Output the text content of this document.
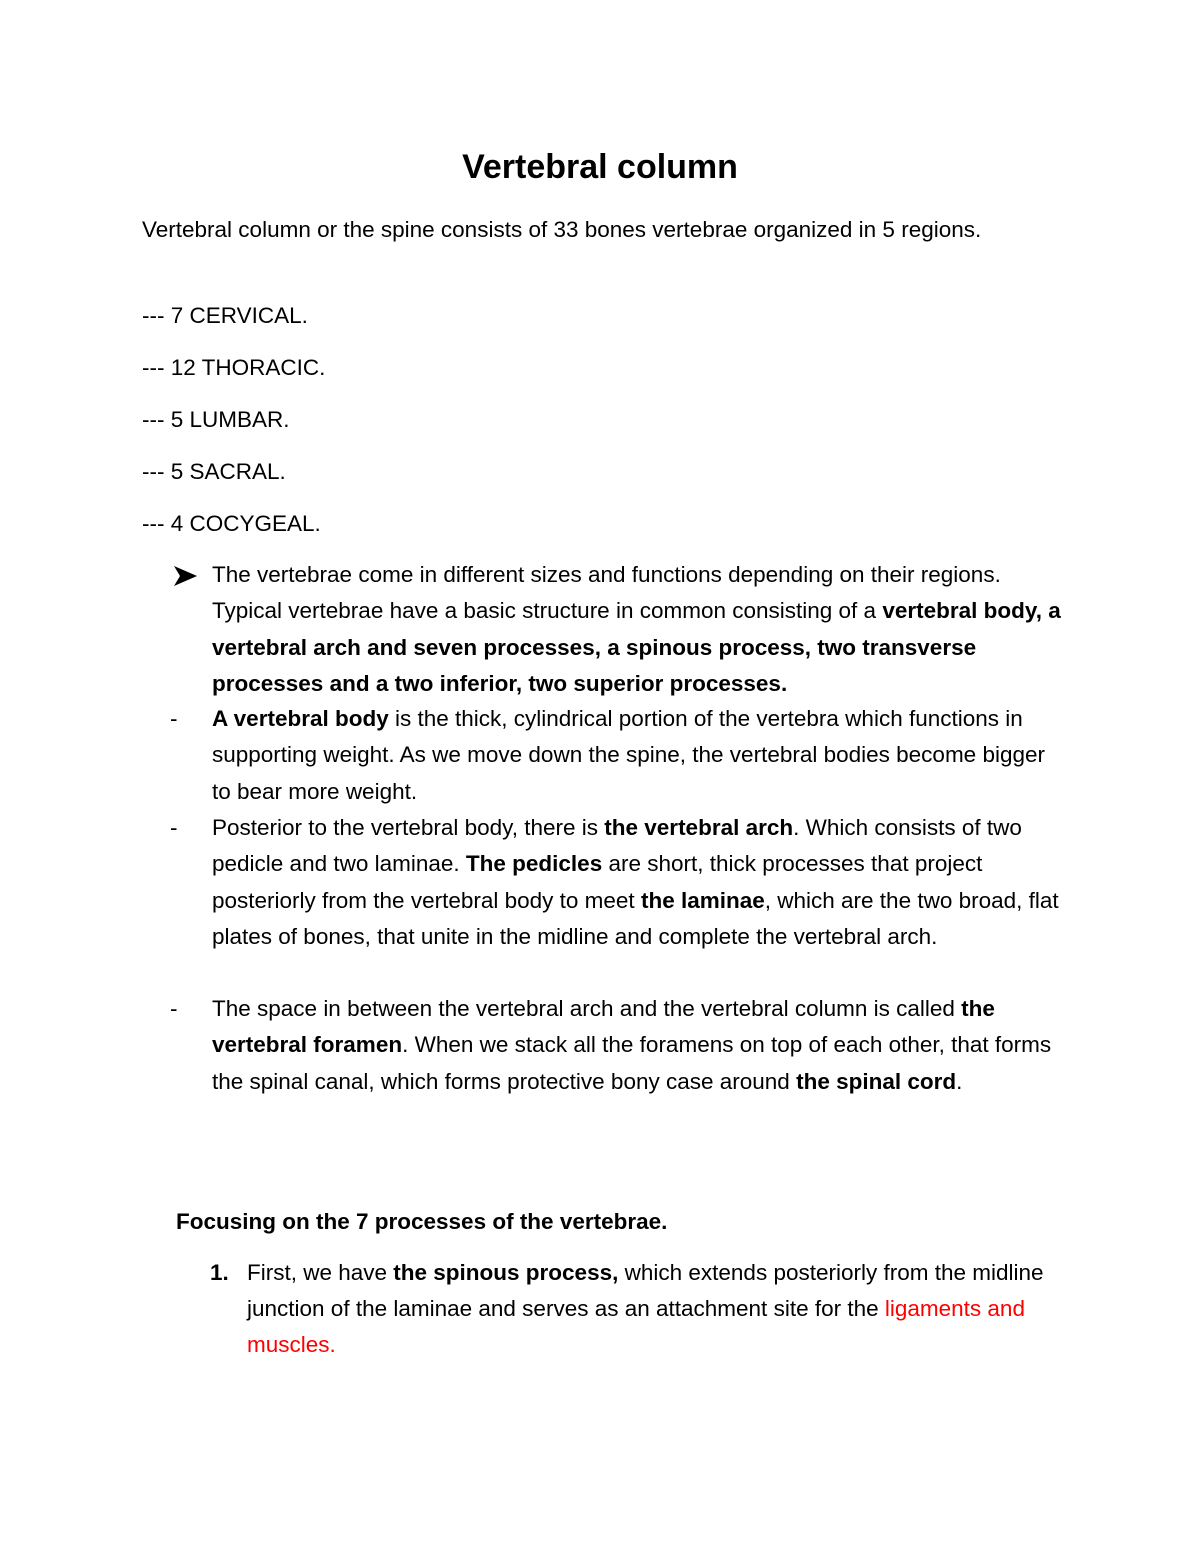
Vertebral column

Vertebral column or the spine consists of 33 bones vertebrae organized in 5 regions.

--- 7 CERVICAL.
--- 12 THORACIC.
--- 5 LUMBAR.
--- 5 SACRAL.
--- 4 COCYGEAL.
The vertebrae come in different sizes and functions depending on their regions. Typical vertebrae have a basic structure in common consisting of a vertebral body, a vertebral arch and seven processes, a spinous process, two transverse processes and a two inferior, two superior processes.
-	A vertebral body is the thick, cylindrical portion of the vertebra which functions in supporting weight. As we move down the spine, the vertebral bodies become bigger to bear more weight.
-	Posterior to the vertebral body, there is the vertebral arch. Which consists of two pedicle and two laminae. The pedicles are short, thick processes that project posteriorly from the vertebral body to meet the laminae, which are the two broad, flat plates of bones, that unite in the midline and complete the vertebral arch.
-	The space in between the vertebral arch and the vertebral column is called the vertebral foramen. When we stack all the foramens on top of each other, that forms the spinal canal, which forms protective bony case around the spinal cord.
Focusing on the 7 processes of the vertebrae.
1. First, we have the spinous process, which extends posteriorly from the midline junction of the laminae and serves as an attachment site for the ligaments and muscles.
